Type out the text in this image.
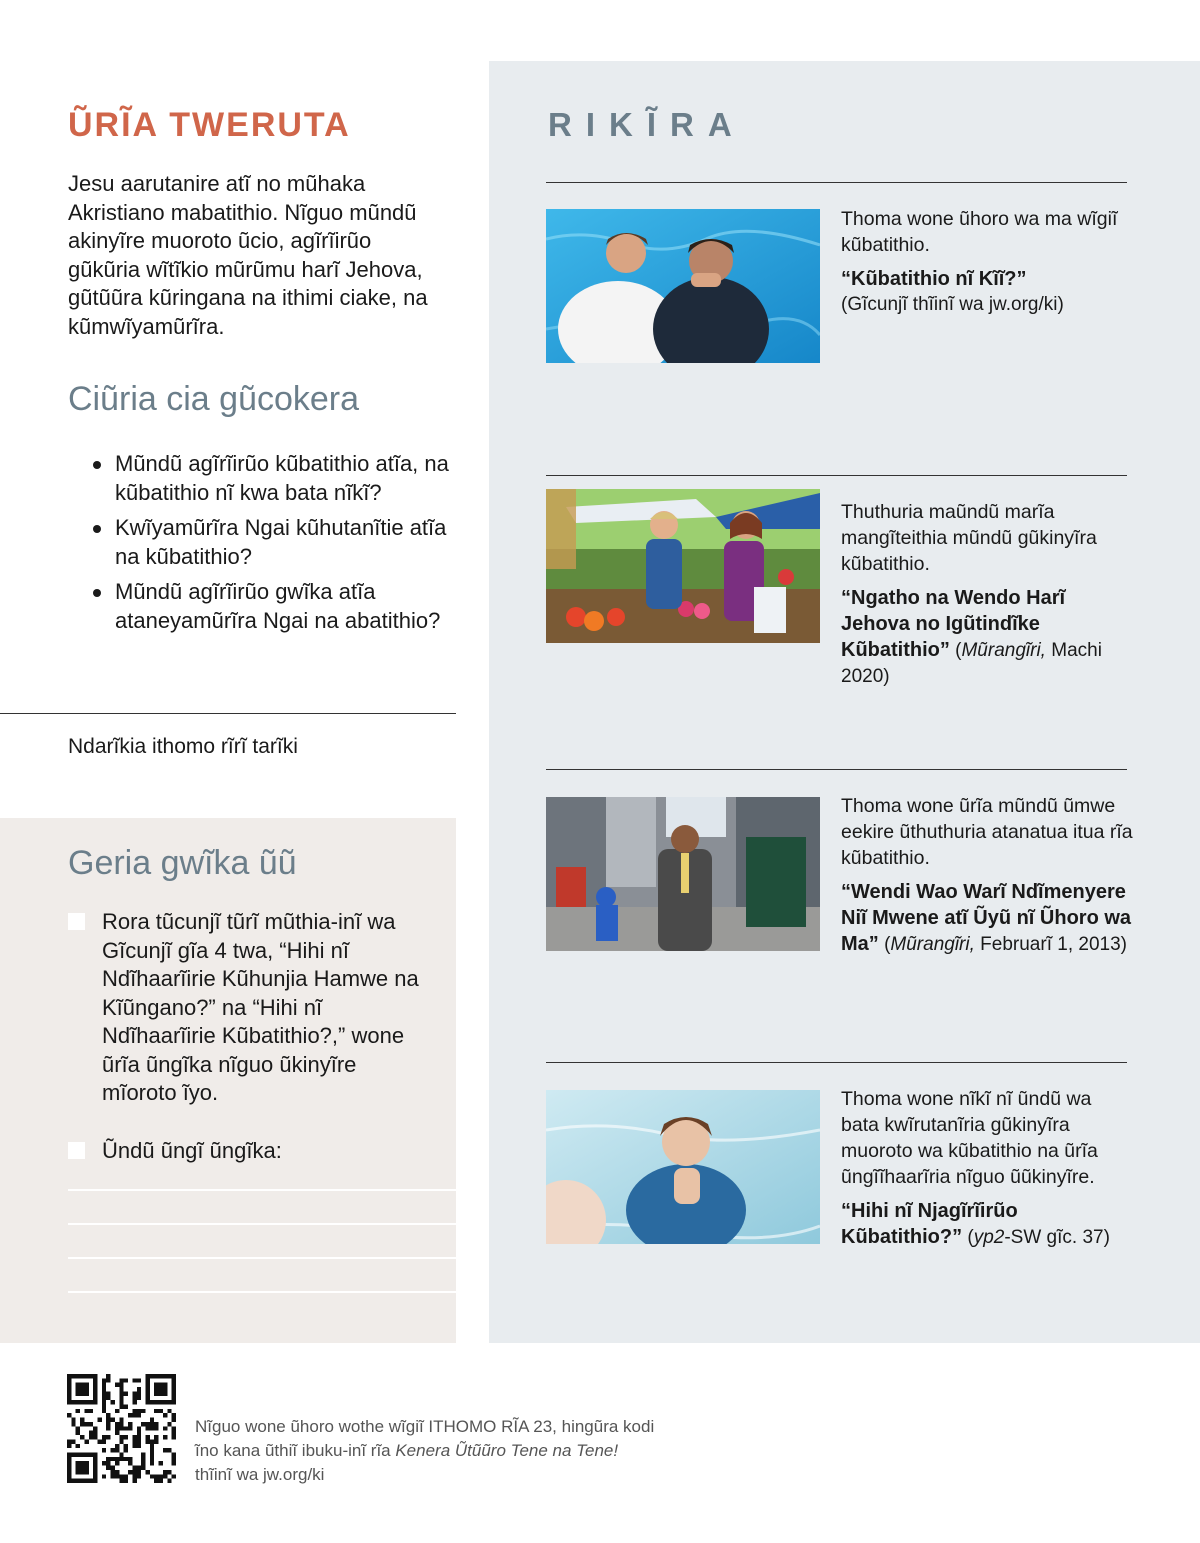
ŨRĨA TWERUTA

Jesu aarutanire atĩ no mũhaka Akristiano mabatithio. Nĩguo mũndũ akinyĩre muoroto ũcio, agĩrĩirũo gũkũria wĩtĩkio mũrũmu harĩ Jehova, gũtũũra kũringana na ithimi ciake, na kũmwĩyamũrĩra.

Ciũria cia gũcokera
Mũndũ agĩrĩirũo kũbatithio atĩa, na kũbatithio nĩ kwa bata nĩkĩ?
Kwĩyamũrĩra Ngai kũhutanĩtie atĩa na kũbatithio?
Mũndũ agĩrĩirũo gwĩka atĩa ataneyamũrĩra Ngai na abatithio?

Ndarĩkia ithomo rĩrĩ tarĩki

Geria gwĩka ũũ
Rora tũcunjĩ tũrĩ mũthia-inĩ wa Gĩcunjĩ gĩa 4 twa, “Hihi nĩ Ndĩhaarĩirie Kũhunjia Hamwe na Kĩũngano?” na “Hihi nĩ Ndĩhaarĩirie Kũbatithio?,” wone ũrĩa ũngĩka nĩguo ũkinyĩre mĩoroto ĩyo.
Ũndũ ũngĩ ũngĩka:
RIKĨRA

Thoma wone ũhoro wa ma wĩgiĩ kũbatithio.

“Kũbatithio nĩ Kĩĩ?”
(Gĩcunjĩ thĩinĩ wa jw.org/ki)

Thuthuria maũndũ marĩa mangĩteithia mũndũ gũkinyĩra kũbatithio.

“Ngatho na Wendo Harĩ Jehova no Igũtindĩke Kũbatithio” (Mũrangĩri, Machi 2020)

Thoma wone ũrĩa mũndũ ũmwe eekire ũthuthuria atanatua itua rĩa kũbatithio.

“Wendi Wao Warĩ Ndĩmenyere Niĩ Mwene atĩ Ũyũ nĩ Ũhoro wa Ma” (Mũrangĩri, Februarĩ 1, 2013)

Thoma wone nĩkĩ nĩ ũndũ wa bata kwĩrutanĩria gũkinyĩra muoroto wa kũbatithio na ũrĩa ũngĩĩhaarĩria nĩguo ũũkinyĩre.

“Hihi nĩ Njagĩrĩirũo Kũbatithio?” (yp2-SW gĩc. 37)

Nĩguo wone ũhoro wothe wĩgiĩ ITHOMO RĨA 23, hingũra kodi
ĩno kana ũthiĩ ibuku-inĩ rĩa Kenera Ũtũũro Tene na Tene!
thĩinĩ wa jw.org/ki
